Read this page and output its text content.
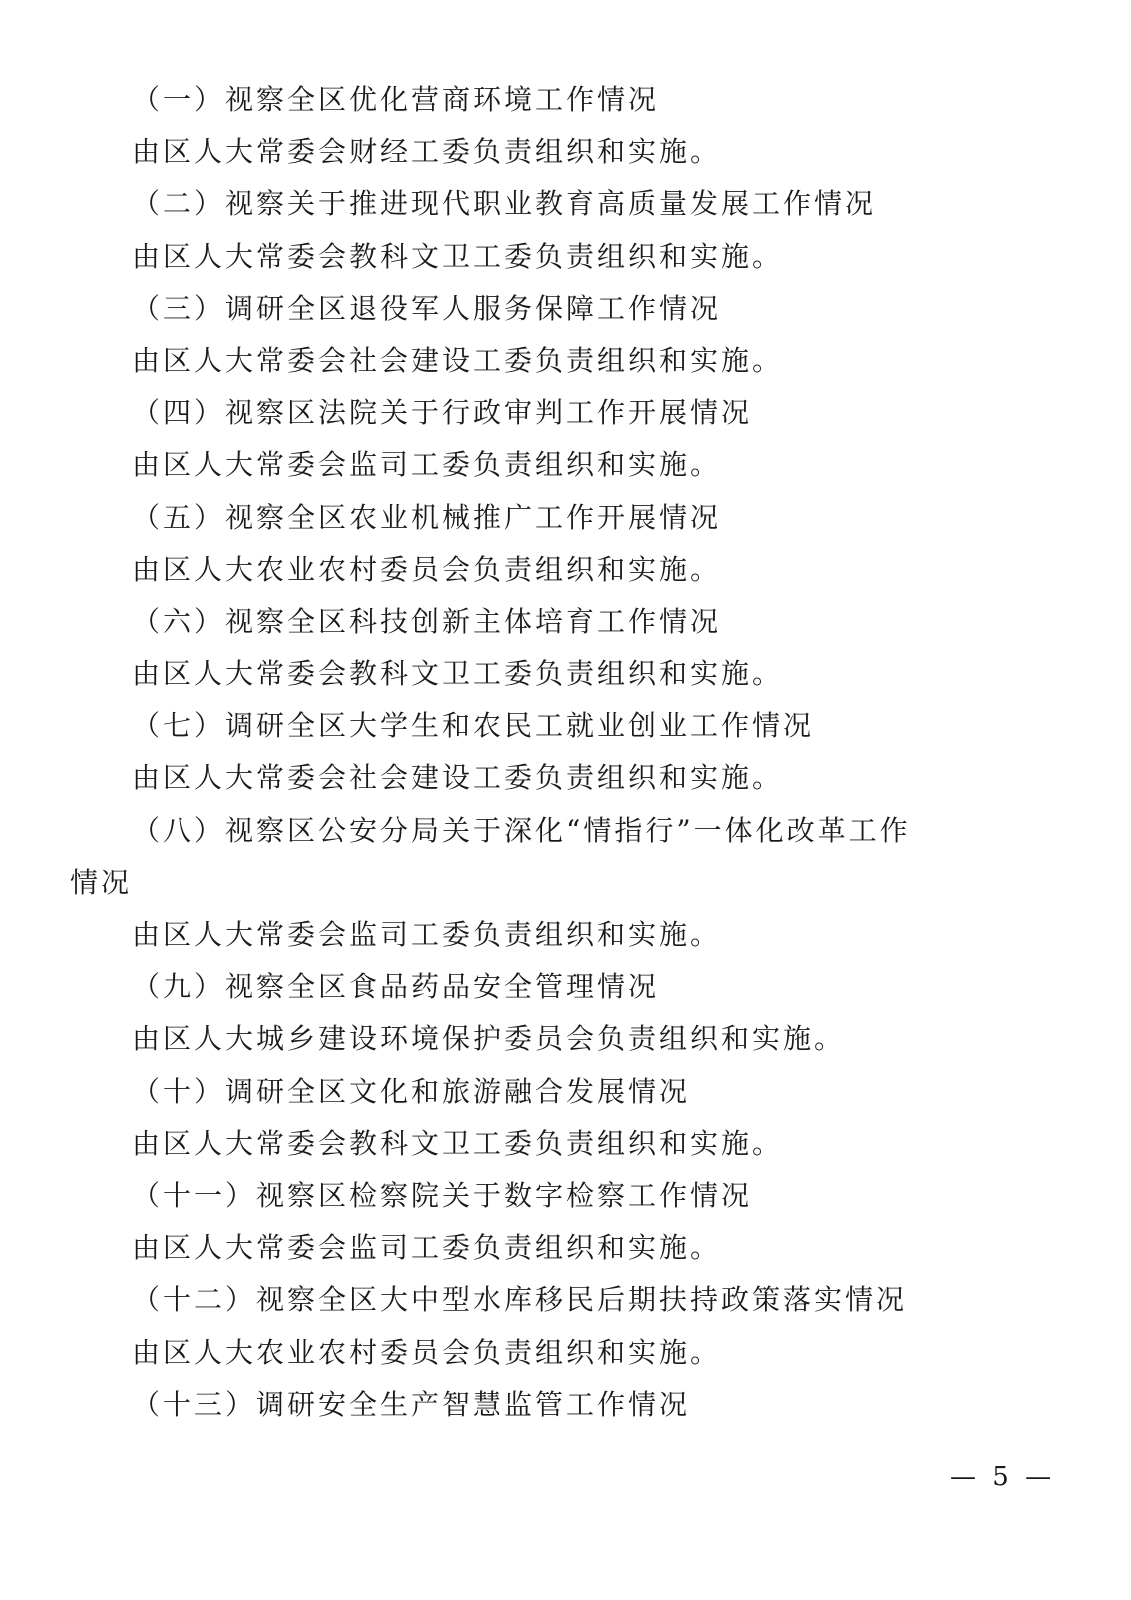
（一）视察全区优化营商环境工作情况
由区人大常委会财经工委负责组织和实施。
（二）视察关于推进现代职业教育高质量发展工作情况
由区人大常委会教科文卫工委负责组织和实施。
（三）调研全区退役军人服务保障工作情况
由区人大常委会社会建设工委负责组织和实施。
（四）视察区法院关于行政审判工作开展情况
由区人大常委会监司工委负责组织和实施。
（五）视察全区农业机械推广工作开展情况
由区人大农业农村委员会负责组织和实施。
（六）视察全区科技创新主体培育工作情况
由区人大常委会教科文卫工委负责组织和实施。
（七）调研全区大学生和农民工就业创业工作情况
由区人大常委会社会建设工委负责组织和实施。
（八）视察区公安分局关于深化“情指行”一体化改革工作
情况
由区人大常委会监司工委负责组织和实施。
（九）视察全区食品药品安全管理情况
由区人大城乡建设环境保护委员会负责组织和实施。
（十）调研全区文化和旅游融合发展情况
由区人大常委会教科文卫工委负责组织和实施。
（十一）视察区检察院关于数字检察工作情况
由区人大常委会监司工委负责组织和实施。
（十二）视察全区大中型水库移民后期扶持政策落实情况
由区人大农业农村委员会负责组织和实施。
（十三）调研安全生产智慧监管工作情况
— 5 —
